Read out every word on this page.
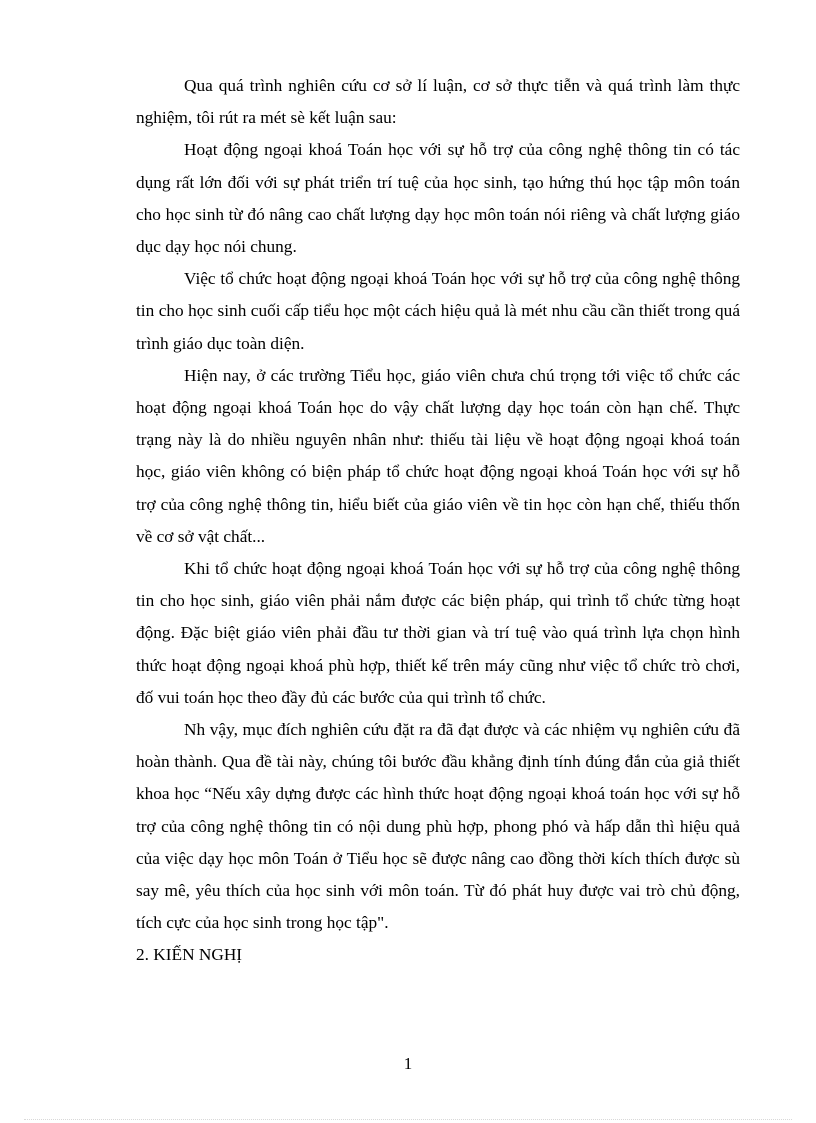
Qua quá trình nghiên cứu cơ sở lí luận, cơ sở thực tiễn và quá trình làm thực nghiệm, tôi rút ra mét sè kết luận sau:

Hoạt động ngoại khoá Toán học với sự hỗ trợ của công nghệ thông tin có tác dụng rất lớn đối với sự phát triển trí tuệ của học sinh, tạo hứng thú học tập môn toán cho học sinh từ đó nâng cao chất lượng dạy học môn toán nói riêng và chất lượng giáo dục dạy học nói chung.

Việc tổ chức hoạt động ngoại khoá Toán học với sự hỗ trợ của công nghệ thông tin cho học sinh cuối cấp tiểu học một cách hiệu quả là mét nhu cầu cần thiết trong quá trình giáo dục toàn diện.

Hiện nay, ở các trường Tiểu học, giáo viên chưa chú trọng tới việc tổ chức các hoạt động ngoại khoá Toán học do vậy chất lượng dạy học toán còn hạn chế. Thực trạng này là do nhiều nguyên nhân như: thiếu tài liệu về hoạt động ngoại khoá toán học, giáo viên không có biện pháp tổ chức hoạt động ngoại khoá Toán học với sự hỗ trợ của công nghệ thông tin, hiểu biết của giáo viên về tin học còn hạn chế, thiếu thốn về cơ sở vật chất...

Khi tổ chức hoạt động ngoại khoá Toán học với sự hỗ trợ của công nghệ thông tin cho học sinh, giáo viên phải nắm được các biện pháp, qui trình tổ chức từng hoạt động. Đặc biệt giáo viên phải đầu tư thời gian và trí tuệ vào quá trình lựa chọn hình thức hoạt động ngoại khoá phù hợp, thiết kế trên máy cũng như việc tổ chức trò chơi, đố vui toán học theo đầy đủ các bước của qui trình tổ chức.

Nh vậy, mục đích nghiên cứu đặt ra đã đạt được và các nhiệm vụ nghiên cứu đã hoàn thành. Qua đề tài này, chúng tôi bước đầu khẳng định tính đúng đắn của giả thiết khoa học “Nếu xây dựng được các hình thức hoạt động ngoại khoá toán học với sự hỗ trợ của công nghệ thông tin có nội dung phù hợp, phong phó và hấp dẫn thì hiệu quả của việc dạy học môn Toán ở Tiểu học sẽ được nâng cao đồng thời kích thích được sù say mê, yêu thích của học sinh với môn toán. Từ đó phát huy được vai trò chủ động, tích cực của học sinh trong học tập".

2. KIẾN NGHỊ

1
